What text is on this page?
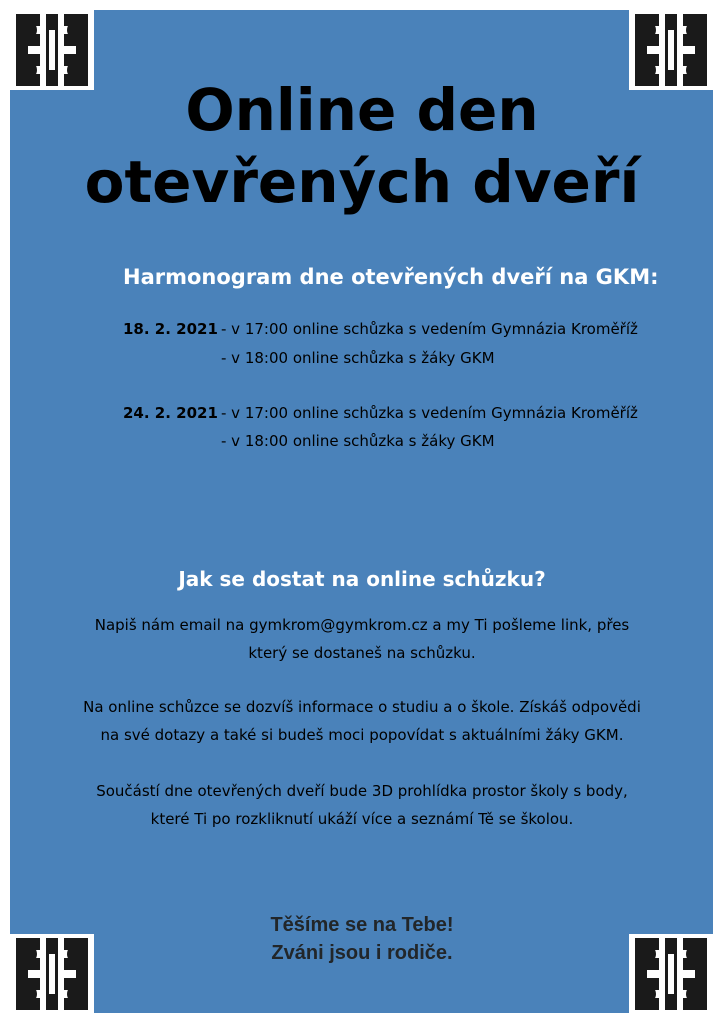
Online den
otevřených dveří
Harmonogram dne otevřených dveří na GKM:
18. 2. 2021 - v 17:00 online schůzka s vedením Gymnázia Kroměříž
- v 18:00 online schůzka s žáky GKM
24. 2. 2021 - v 17:00 online schůzka s vedením Gymnázia Kroměříž
- v 18:00 online schůzka s žáky GKM
Jak se dostat na online schůzku?

Napiš nám email na gymkrom@gymkrom.cz a my Ti pošleme link, přes
který se dostaneš na schůzku.

Na online schůzce se dozvíš informace o studiu a o škole. Získáš odpovědi
na své dotazy a také si budeš moci popovídat s aktuálními žáky GKM.

Součástí dne otevřených dveří bude 3D prohlídka prostor školy s body,
které Ti po rozkliknutí ukáží více a seznámí Tě se školou.

Těšíme se na Tebe!
Zváni jsou i rodiče.
